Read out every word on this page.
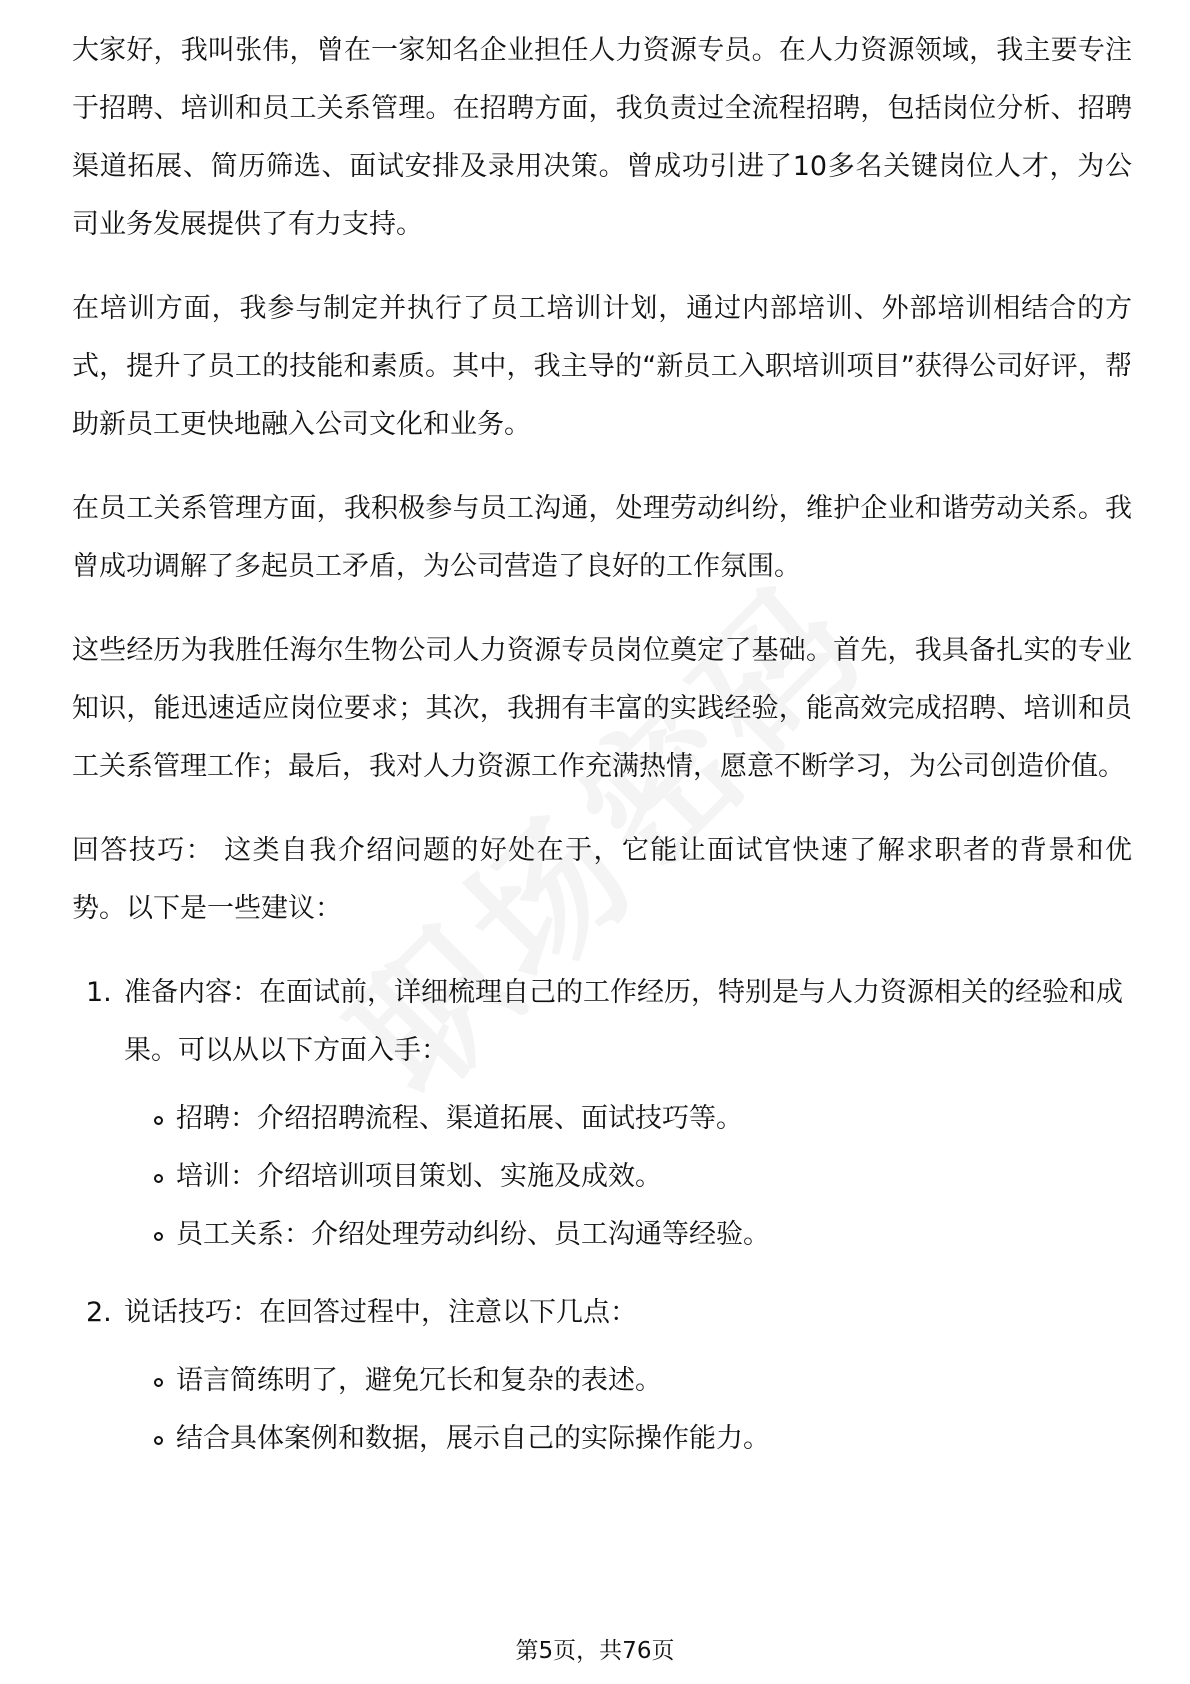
大家好，我叫张伟，曾在一家知名企业担任人力资源专员。在人力资源领域，我主要专注于招聘、培训和员工关系管理。在招聘方面，我负责过全流程招聘，包括岗位分析、招聘渠道拓展、简历筛选、面试安排及录用决策。曾成功引进了10多名关键岗位人才，为公司业务发展提供了有力支持。

在培训方面，我参与制定并执行了员工培训计划，通过内部培训、外部培训相结合的方式，提升了员工的技能和素质。其中，我主导的“新员工入职培训项目”获得公司好评，帮助新员工更快地融入公司文化和业务。

在员工关系管理方面，我积极参与员工沟通，处理劳动纠纷，维护企业和谐劳动关系。我曾成功调解了多起员工矛盾，为公司营造了良好的工作氛围。

这些经历为我胜任海尔生物公司人力资源专员岗位奠定了基础。首先，我具备扎实的专业知识，能迅速适应岗位要求；其次，我拥有丰富的实践经验，能高效完成招聘、培训和员工关系管理工作；最后，我对人力资源工作充满热情，愿意不断学习，为公司创造价值。

回答技巧： 这类自我介绍问题的好处在于，它能让面试官快速了解求职者的背景和优势。以下是一些建议：

1. 准备内容：在面试前，详细梳理自己的工作经历，特别是与人力资源相关的经验和成果。可以从以下方面入手：
招聘：介绍招聘流程、渠道拓展、面试技巧等。
培训：介绍培训项目策划、实施及成效。
员工关系：介绍处理劳动纠纷、员工沟通等经验。
2. 说话技巧：在回答过程中，注意以下几点：
语言简练明了，避免冗长和复杂的表述。
结合具体案例和数据，展示自己的实际操作能力。
第5页，共76页
